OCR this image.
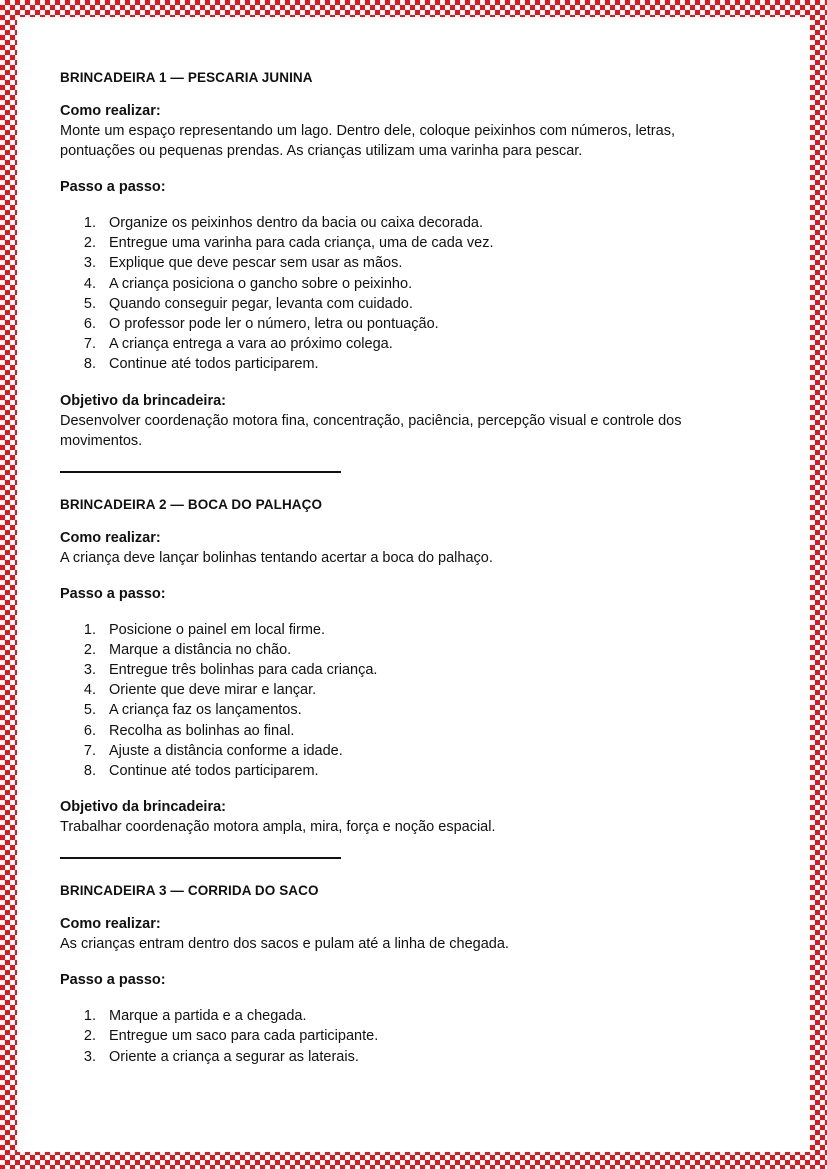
BRINCADEIRA 1 — PESCARIA JUNINA

Como realizar:

Monte um espaço representando um lago. Dentro dele, coloque peixinhos com números, letras, pontuações ou pequenas prendas. As crianças utilizam uma varinha para pescar.

Passo a passo:

1. Organize os peixinhos dentro da bacia ou caixa decorada.
2. Entregue uma varinha para cada criança, uma de cada vez.
3. Explique que deve pescar sem usar as mãos.
4. A criança posiciona o gancho sobre o peixinho.
5. Quando conseguir pegar, levanta com cuidado.
6. O professor pode ler o número, letra ou pontuação.
7. A criança entrega a vara ao próximo colega.
8. Continue até todos participarem.

Objetivo da brincadeira:

Desenvolver coordenação motora fina, concentração, paciência, percepção visual e controle dos movimentos.

BRINCADEIRA 2 — BOCA DO PALHAÇO

Como realizar:

A criança deve lançar bolinhas tentando acertar a boca do palhaço.

Passo a passo:

1. Posicione o painel em local firme.
2. Marque a distância no chão.
3. Entregue três bolinhas para cada criança.
4. Oriente que deve mirar e lançar.
5. A criança faz os lançamentos.
6. Recolha as bolinhas ao final.
7. Ajuste a distância conforme a idade.
8. Continue até todos participarem.

Objetivo da brincadeira:

Trabalhar coordenação motora ampla, mira, força e noção espacial.

BRINCADEIRA 3 — CORRIDA DO SACO

Como realizar:

As crianças entram dentro dos sacos e pulam até a linha de chegada.

Passo a passo:

1. Marque a partida e a chegada.
2. Entregue um saco para cada participante.
3. Oriente a criança a segurar as laterais.
